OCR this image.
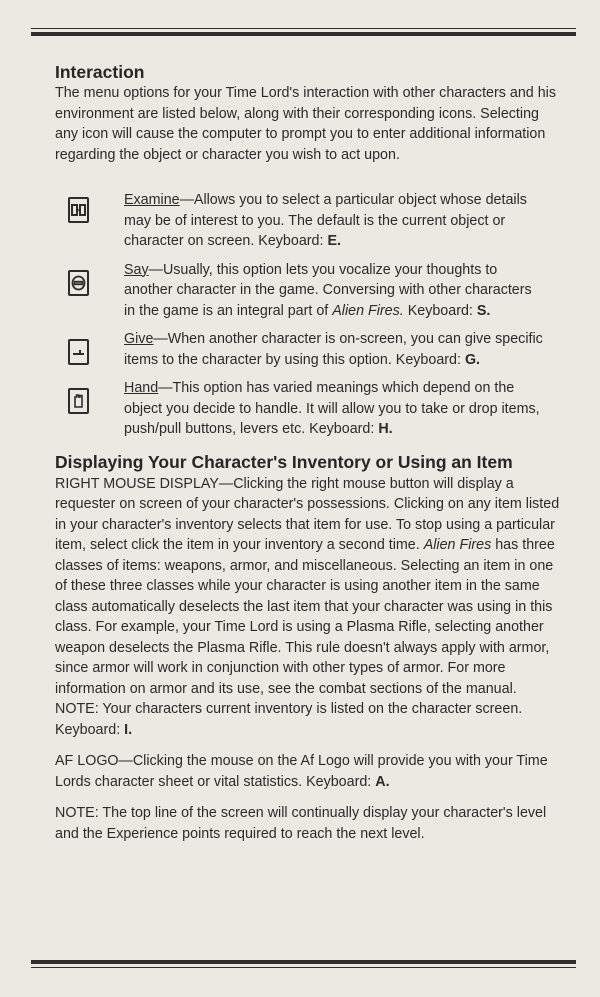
Interaction

The menu options for your Time Lord's interaction with other characters and his environment are listed below, along with their corresponding icons. Selecting any icon will cause the computer to prompt you to enter additional information regarding the object or character you wish to act upon.

Examine—Allows you to select a particular object whose details may be of interest to you. The default is the current object or character on screen. Keyboard: E.

Say—Usually, this option lets you vocalize your thoughts to another character in the game. Conversing with other characters in the game is an integral part of Alien Fires. Keyboard: S.

Give—When another character is on-screen, you can give specific items to the character by using this option. Keyboard: G.

Hand—This option has varied meanings which depend on the object you decide to handle. It will allow you to take or drop items, push/pull buttons, levers etc. Keyboard: H.

Displaying Your Character's Inventory or Using an Item

RIGHT MOUSE DISPLAY—Clicking the right mouse button will display a requester on screen of your character's possessions. Clicking on any item listed in your character's inventory selects that item for use. To stop using a particular item, select click the item in your inventory a second time. Alien Fires has three classes of items: weapons, armor, and miscellaneous. Selecting an item in one of these three classes while your character is using another item in the same class automatically deselects the last item that your character was using in this class. For example, your Time Lord is using a Plasma Rifle, selecting another weapon deselects the Plasma Rifle. This rule doesn't always apply with armor, since armor will work in conjunction with other types of armor. For more information on armor and its use, see the combat sections of the manual. NOTE: Your characters current inventory is listed on the character screen. Keyboard: I.

AF LOGO—Clicking the mouse on the Af Logo will provide you with your Time Lords character sheet or vital statistics. Keyboard: A.

NOTE: The top line of the screen will continually display your character's level and the Experience points required to reach the next level.
